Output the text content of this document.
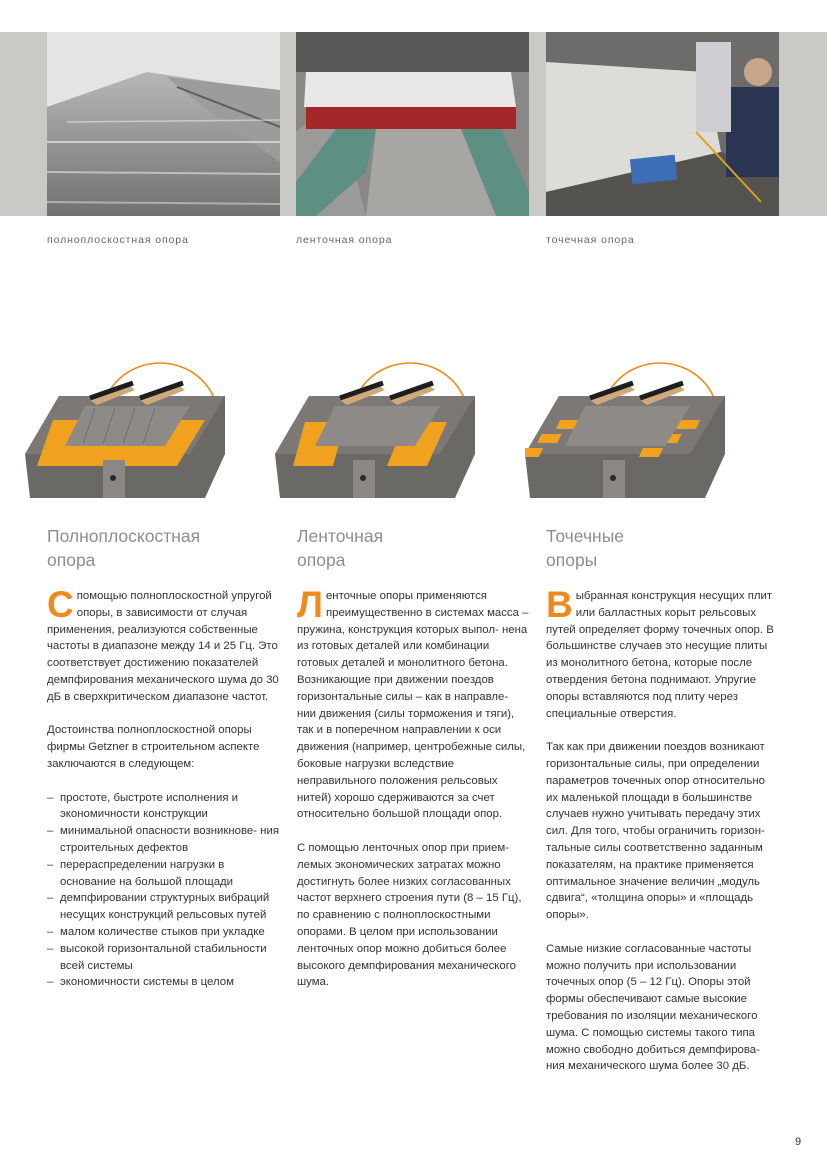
полноплоскостная опора	ленточная опора	точечная опора
Полноплоскостная
опора
Ленточная
опора
Точечные
опоры

Спомощью полноплоскостной упругой опоры, в зависимости от случая применения, реализуются собственные частоты в диапазоне между 14 и 25 Гц. Это соответствует достижению показателей демпфирования механического шума до 30 дБ в сверхкритическом диапазоне частот.

Достоинства полноплоскостной опоры фирмы Getzner в строительном аспекте заключаются в следующем:

– простоте, быстроте исполнения и экономичности конструкции
– минимальной опасности возникнове- ния строительных дефектов
– перераспределении нагрузки в основание на большой площади
– демпфировании структурных вибраций несущих конструкций рельсовых путей
– малом количестве стыков при укладке
– высокой горизонтальной стабильности всей системы
– экономичности системы в целом

Ленточные опоры применяются преимущественно в системах масса – пружина, конструкция которых выпол- нена из готовых деталей или комбинации готовых деталей и монолитного бетона. Возникающие при движении поездов горизонтальные силы – как в направле- нии движения (силы торможения и тяги), так и в поперечном направлении к оси движения (например, центробежные силы, боковые нагрузки вследствие неправильного положения рельсовых нитей) хорошо сдерживаются за счет относительно большой площади опор.

С помощью ленточных опор при прием- лемых экономических затратах можно достигнуть более низких согласованных частот верхнего строения пути (8 – 15 Гц), по сравнению с полноплоскостными опорами. В целом при использовании ленточных опор можно добиться более высокого демпфирования механического шума.

Выбранная конструкция несущих плит или балластных корыт рельсовых путей определяет форму точечных опор. В большинстве случаев это несущие плиты из монолитного бетона, которые после отвердения бетона поднимают. Упругие опоры вставляются под плиту через специальные отверстия.

Так как при движении поездов возникают горизонтальные силы, при определении параметров точечных опор относительно их маленькой площади в большинстве случаев нужно учитывать передачу этих сил. Для того, чтобы ограничить горизон- тальные силы соответственно заданным показателям, на практике применяется оптимальное значение величин „модуль сдвига“, «толщина опоры» и «площадь опоры».

Самые низкие согласованные частоты можно получить при использовании точечных опор (5 – 12 Гц). Опоры этой формы обеспечивают самые высокие требования по изоляции механического шума. С помощью системы такого типа можно свободно добиться демпфирова- ния механического шума более 30 дБ.

9
